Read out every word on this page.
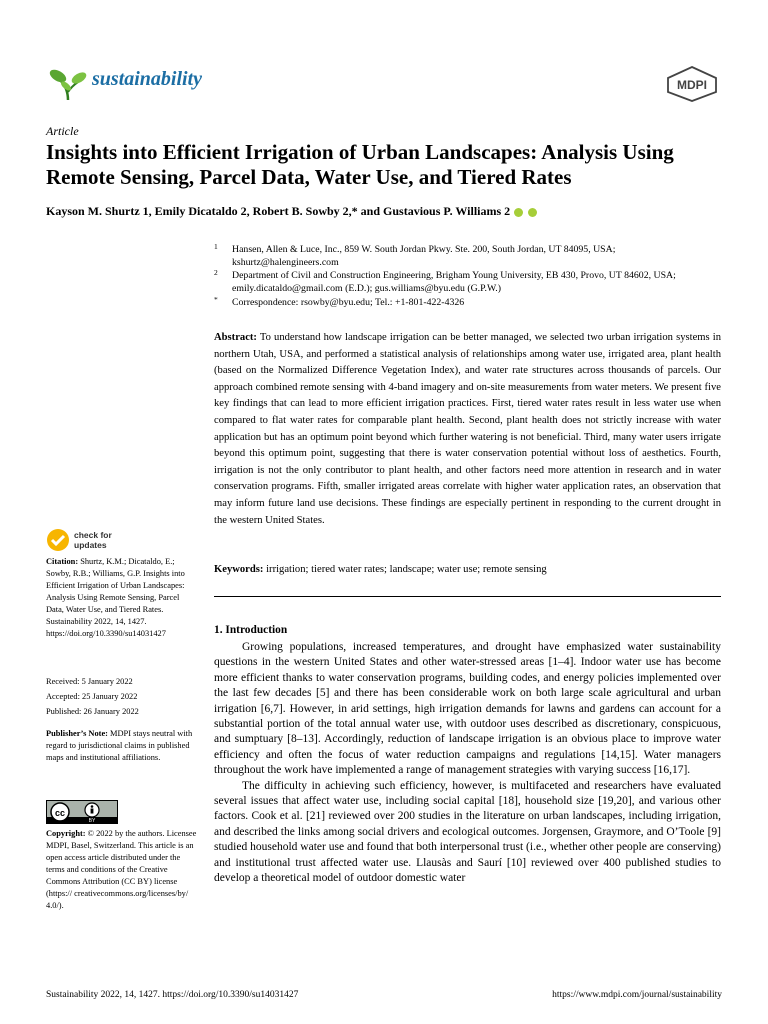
sustainability	MDPI
Article
Insights into Efficient Irrigation of Urban Landscapes: Analysis Using Remote Sensing, Parcel Data, Water Use, and Tiered Rates
Kayson M. Shurtz 1, Emily Dicataldo 2, Robert B. Sowby 2,* and Gustavious P. Williams 2
1 Hansen, Allen & Luce, Inc., 859 W. South Jordan Pkwy. Ste. 200, South Jordan, UT 84095, USA; kshurtz@halengineers.com
2 Department of Civil and Construction Engineering, Brigham Young University, EB 430, Provo, UT 84602, USA; emily.dicataldo@gmail.com (E.D.); gus.williams@byu.edu (G.P.W.)
* Correspondence: rsowby@byu.edu; Tel.: +1-801-422-4326
Abstract: To understand how landscape irrigation can be better managed, we selected two urban irrigation systems in northern Utah, USA, and performed a statistical analysis of relationships among water use, irrigated area, plant health (based on the Normalized Difference Vegetation Index), and water rate structures across thousands of parcels. Our approach combined remote sensing with 4-band imagery and on-site measurements from water meters. We present five key findings that can lead to more efficient irrigation practices. First, tiered water rates result in less water use when compared to flat water rates for comparable plant health. Second, plant health does not strictly increase with water application but has an optimum point beyond which further watering is not beneficial. Third, many water users irrigate beyond this optimum point, suggesting that there is water conservation potential without loss of aesthetics. Fourth, irrigation is not the only contributor to plant health, and other factors need more attention in research and in water conservation programs. Fifth, smaller irrigated areas correlate with higher water application rates, an observation that may inform future land use decisions. These findings are especially pertinent in responding to the current drought in the western United States.
Keywords: irrigation; tiered water rates; landscape; water use; remote sensing
1. Introduction

Growing populations, increased temperatures, and drought have emphasized water sustainability questions in the western United States and other water-stressed areas [1–4]. Indoor water use has become more efficient thanks to water conservation programs, building codes, and energy policies implemented over the last few decades [5] and there has been considerable work on both large scale agricultural and urban irrigation [6,7]. However, in arid settings, high irrigation demands for lawns and gardens can account for a substantial portion of the total annual water use, with outdoor uses described as discretionary, conspicuous, and sumptuary [8–13]. Accordingly, reduction of landscape irrigation is an obvious place to improve water efficiency and often the focus of water reduction campaigns and regulations [14,15]. Water managers throughout the work have implemented a range of management strategies with varying success [16,17].

The difficulty in achieving such efficiency, however, is multifaceted and researchers have evaluated several issues that affect water use, including social capital [18], household size [19,20], and various other factors. Cook et al. [21] reviewed over 200 studies in the literature on urban landscapes, including irrigation, and described the links among social drivers and ecological outcomes. Jorgensen, Graymore, and O’Toole [9] studied household water use and found that both interpersonal trust (i.e., whether other people are conserving) and institutional trust affected water use. Llausàs and Saurí [10] reviewed over 400 published studies to develop a theoretical model of outdoor domestic water

check for updates
Citation: Shurtz, K.M.; Dicataldo, E.; Sowby, R.B.; Williams, G.P. Insights into Efficient Irrigation of Urban Landscapes: Analysis Using Remote Sensing, Parcel Data, Water Use, and Tiered Rates. Sustainability 2022, 14, 1427. https://doi.org/10.3390/su14031427
Received: 5 January 2022
Accepted: 25 January 2022
Published: 26 January 2022
Publisher’s Note: MDPI stays neutral with regard to jurisdictional claims in published maps and institutional affiliations.
cc
BY
Copyright: © 2022 by the authors. Licensee MDPI, Basel, Switzerland. This article is an open access article distributed under the terms and conditions of the Creative Commons Attribution (CC BY) license (https:// creativecommons.org/licenses/by/ 4.0/).
Sustainability 2022, 14, 1427. https://doi.org/10.3390/su14031427	https://www.mdpi.com/journal/sustainability
